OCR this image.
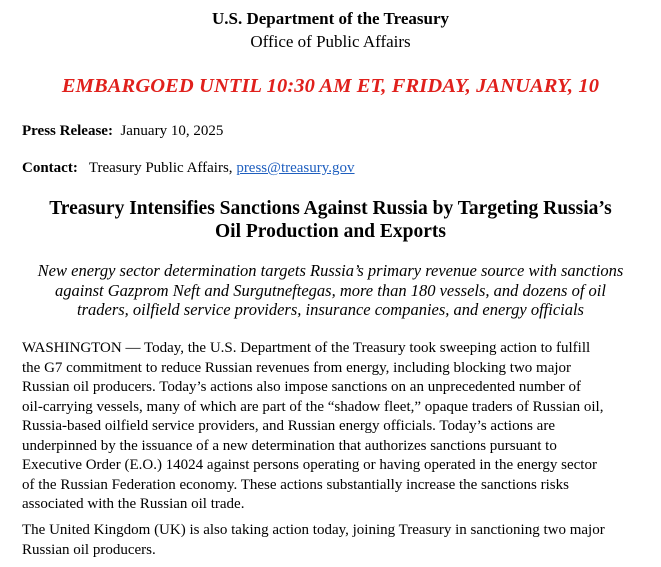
U.S. Department of the Treasury
Office of Public Affairs
EMBARGOED UNTIL 10:30 AM ET, FRIDAY, JANUARY, 10
Press Release: January 10, 2025
Contact: Treasury Public Affairs, press@treasury.gov
Treasury Intensifies Sanctions Against Russia by Targeting Russia’s
Oil Production and Exports
New energy sector determination targets Russia’s primary revenue source with sanctions
against Gazprom Neft and Surgutneftegas, more than 180 vessels, and dozens of oil
traders, oilfield service providers, insurance companies, and energy officials
WASHINGTON — Today, the U.S. Department of the Treasury took sweeping action to fulfill
the G7 commitment to reduce Russian revenues from energy, including blocking two major
Russian oil producers. Today’s actions also impose sanctions on an unprecedented number of
oil-carrying vessels, many of which are part of the “shadow fleet,” opaque traders of Russian oil,
Russia-based oilfield service providers, and Russian energy officials. Today’s actions are
underpinned by the issuance of a new determination that authorizes sanctions pursuant to
Executive Order (E.O.) 14024 against persons operating or having operated in the energy sector
of the Russian Federation economy. These actions substantially increase the sanctions risks
associated with the Russian oil trade.
The United Kingdom (UK) is also taking action today, joining Treasury in sanctioning two major
Russian oil producers.
